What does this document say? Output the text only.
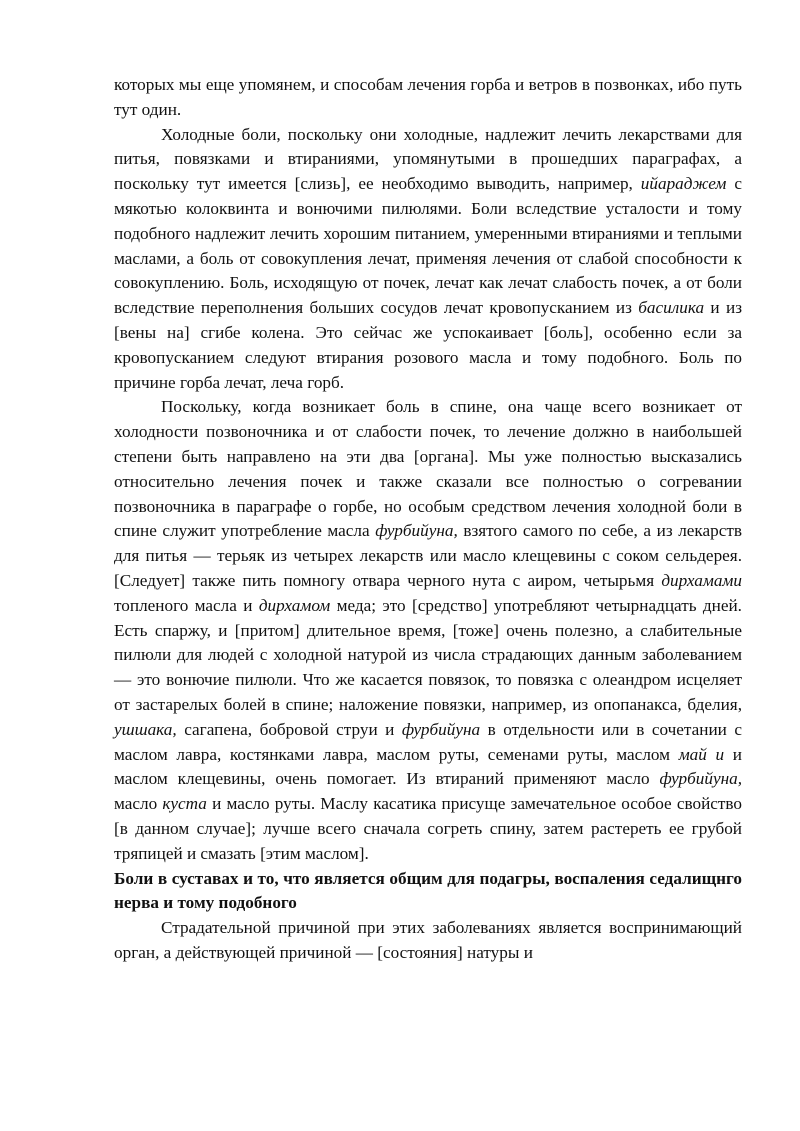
которых мы еще упомянем, и способам лечения горба и ветров в позвонках, ибо путь тут один.

Холодные боли, поскольку они холодные, надлежит лечить лекарствами для питья, повязками и втираниями, упомянутыми в прошедших параграфах, а поскольку тут имеется [слизь], ее необходимо выводить, например, ийараджем с мякотью колоквинта и вонючими пилюлями. Боли вследствие усталости и тому подобного надлежит лечить хорошим питанием, умеренными втираниями и теплыми маслами, а боль от совокупления лечат, применяя лечения от слабой способности к совокуплению. Боль, исходящую от почек, лечат как лечат слабость почек, а от боли вследствие переполнения больших сосудов лечат кровопусканием из басилика и из [вены на] сгибе колена. Это сейчас же успокаивает [боль], особенно если за кровопусканием следуют втирания розового масла и тому подобного. Боль по причине горба лечат, леча горб.

Поскольку, когда возникает боль в спине, она чаще всего возникает от холодности позвоночника и от слабости почек, то лечение должно в наибольшей степени быть направлено на эти два [органа]. Мы уже полностью высказались относительно лечения почек и также сказали все полностью о согревании позвоночника в параграфе о горбе, но особым средством лечения холодной боли в спине служит употребление масла фурбийуна, взятого самого по себе, а из лекарств для питья — терьяк из четырех лекарств или масло клещевины с соком сельдерея. [Следует] также пить помногу отвара черного нута с аиром, четырьмя дирхамами топленого масла и дирхамом меда; это [средство] употребляют четырнадцать дней. Есть спаржу, и [притом] длительное время, [тоже] очень полезно, а слабительные пилюли для людей с холодной натурой из числа страдающих данным заболеванием — это вонючие пилюли. Что же касается повязок, то повязка с олеандром исцеляет от застарелых болей в спине; наложение повязки, например, из опопанакса, бделия, ушшака, сагапена, бобровой струи и фурбийуна в отдельности или в сочетании с маслом лавра, костянками лавра, маслом руты, семенами руты, маслом май и и маслом клещевины, очень помогает. Из втираний применяют масло фурбийуна, масло куста и масло руты. Маслу касатика присуще замечательное особое свойство [в данном случае]; лучше всего сначала согреть спину, затем растереть ее грубой тряпицей и смазать [этим маслом].

Боли в суставах и то, что является общим для подагры, воспаления седалищнго нерва и тому подобного

Страдательной причиной при этих заболеваниях является воспринимающий орган, а действующей причиной — [состояния] натуры и
